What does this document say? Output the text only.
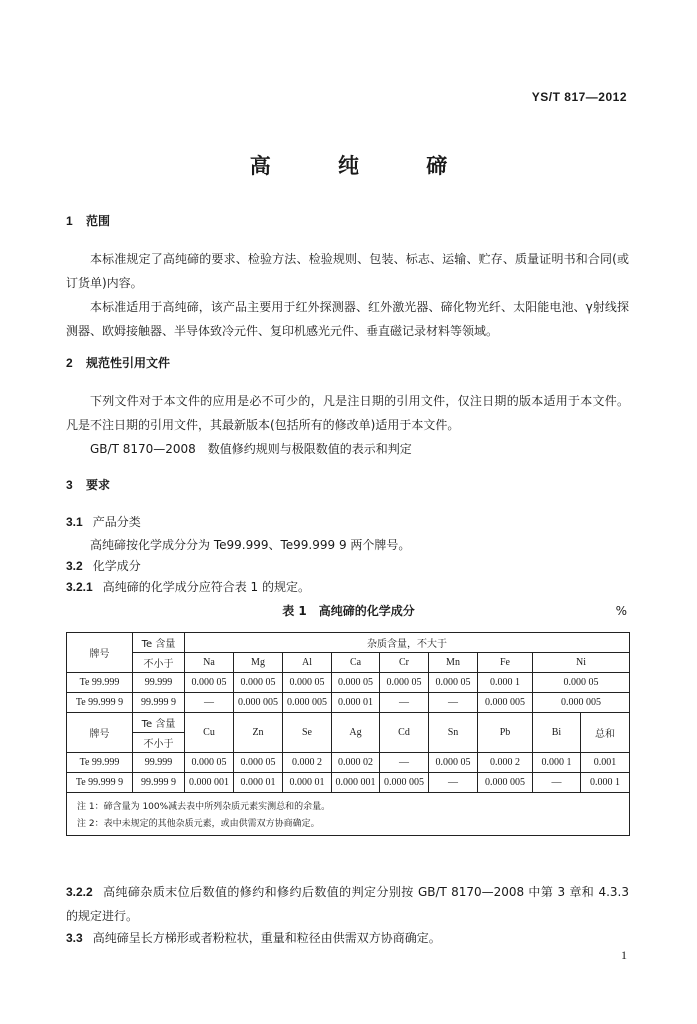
YS/T 817—2012
高 纯 碲
1 范围
本标准规定了高纯碲的要求、检验方法、检验规则、包装、标志、运输、贮存、质量证明书和合同(或订货单)内容。
本标准适用于高纯碲，该产品主要用于红外探测器、红外激光器、碲化物光纤、太阳能电池、γ射线探测器、欧姆接触器、半导体致冷元件、复印机感光元件、垂直磁记录材料等领域。
2 规范性引用文件
下列文件对于本文件的应用是必不可少的，凡是注日期的引用文件，仅注日期的版本适用于本文件。凡是不注日期的引用文件，其最新版本(包括所有的修改单)适用于本文件。
GB/T 8170—2008　数值修约规则与极限数值的表示和判定
3 要求
3.1 产品分类
高纯碲按化学成分分为 Te99.999、Te99.999 9 两个牌号。
3.2 化学成分
3.2.1 高纯碲的化学成分应符合表 1 的规定。
表 1　高纯碲的化学成分	%
牌号	Te 含量	杂质含量，不大于								
	不小于	Na	Mg	Al	Ca	Cr	Mn	Fe	Ni	
Te 99.999	99.999	0.000 05	0.000 05	0.000 05	0.000 05	0.000 05	0.000 05	0.000 1	0.000 05	
Te 99.999 9	99.999 9	—	0.000 005	0.000 005	0.000 01	—	—	0.000 005	0.000 005	
牌号	Te 含量	Cu	Zn	Se	Ag	Cd	Sn	Pb	Bi	总和
	不小于									
Te 99.999	99.999	0.000 05	0.000 05	0.000 2	0.000 02	—	0.000 05	0.000 2	0.000 1	0.001
Te 99.999 9	99.999 9	0.000 001	0.000 01	0.000 01	0.000 001	0.000 005	—	0.000 005	—	0.000 1
注 1：碲含量为 100%减去表中所列杂质元素实测总和的余量。										
注 2：表中未规定的其他杂质元素，或由供需双方协商确定。										
3.2.2 高纯碲杂质末位后数值的修约和修约后数值的判定分别按 GB/T 8170—2008 中第 3 章和 4.3.3 的规定进行。
3.3 高纯碲呈长方梯形或者粉粒状，重量和粒径由供需双方协商确定。
1
